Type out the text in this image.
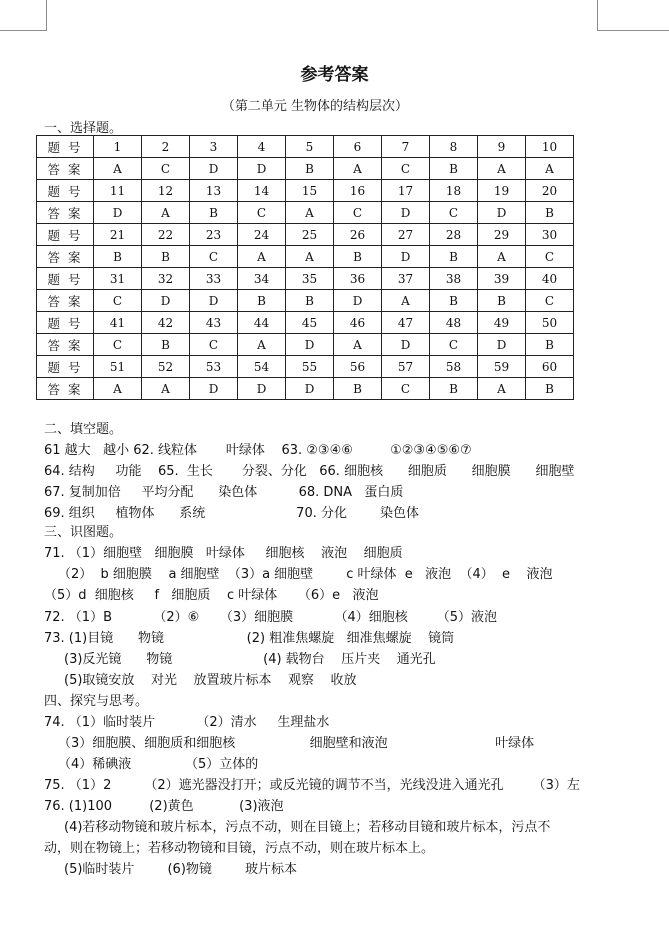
参考答案
（第二单元 生物体的结构层次）
一、选择题。
题 号	1	2	3	4	5	6	7	8	9	10
答 案	A	C	D	D	B	A	C	B	A	A
题 号	11	12	13	14	15	16	17	18	19	20
答 案	D	A	B	C	A	C	D	C	D	B
题 号	21	22	23	24	25	26	27	28	29	30
答 案	B	B	C	A	A	B	D	B	A	C
题 号	31	32	33	34	35	36	37	38	39	40
答 案	C	D	D	B	B	D	A	B	B	C
题 号	41	42	43	44	45	46	47	48	49	50
答 案	C	B	C	A	D	A	D	C	D	B
题 号	51	52	53	54	55	56	57	58	59	60
答 案	A	A	D	D	D	B	C	B	A	B
二、填空题。
61 越大   越小 62. 线粒体       叶绿体    63. ②③④⑥         ①②③④⑤⑥⑦
64. 结构     功能    65.  生长       分裂、分化   66. 细胞核      细胞质      细胞膜      细胞壁
67. 复制加倍     平均分配      染色体          68. DNA   蛋白质
69. 组织     植物体      系统                      70. 分化        染色体
三、识图题。
71. （1）细胞壁   细胞膜   叶绿体     细胞核    液泡    细胞质
（2）  b 细胞膜    a 细胞壁  （3）a 细胞壁        c 叶绿体  e   液泡  （4）  e    液泡
（5）d  细胞核     f   细胞质    c 叶绿体     （6）e   液泡
72. （1）B          （2）⑥     （3）细胞膜          （4）细胞核       （5）液泡
73. (1)目镜      物镜                    (2) 粗准焦螺旋   细准焦螺旋    镜筒
(3)反光镜      物镜                      (4) 载物台    压片夹    通光孔
(5)取镜安放    对光    放置玻片标本    观察    收放
四、探究与思考。
74. （1）临时装片          （2）清水     生理盐水
（3）细胞膜、细胞质和细胞核                  细胞壁和液泡                          叶绿体
（4）稀碘液             （5）立体的
75. （1）2        （2）遮光器没打开；或反光镜的调节不当，光线没进入通光孔       （3）左
76. (1)100         (2)黄色           (3)液泡
(4)若移动物镜和玻片标本，污点不动，则在目镜上；若移动目镜和玻片标本，污点不
动，则在物镜上；若移动物镜和目镜，污点不动，则在玻片标本上。
(5)临时装片        (6)物镜        玻片标本
